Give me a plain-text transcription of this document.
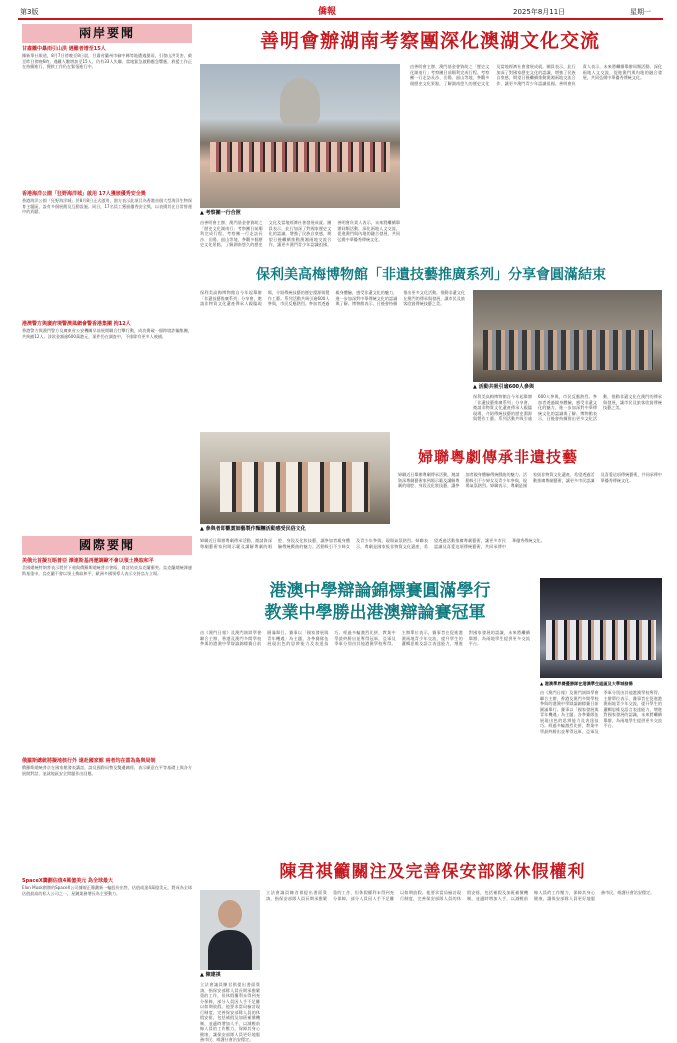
第3版	僑報	2025年8月11日	星期一
兩岸要聞
甘肅隴中暴雨引山洪 遇難者增至15人
據新華社報道，8月7日傍晚至8日晨，甘肅省蘭州市榆中縣等地遭遇暴雨，引發山洪災害，截至昨日傍晚6時，遇難人數增加至15人，仍有33人失聯。當地緊急啟動應急響應，救援工作正在持續進行，搜救工作仍在緊張進行中。
香港海洋公園「狂野海洋城」啟用 17人獲頒優秀安全獎
香港海洋公園「狂野海洋城」於8月8日正式啟用，園方表示此項目為香港首個大型海洋生物保育主題區，設有多個展館及互動設施。同日，17名員工獲頒優秀安全獎，以表揚其在日常營運中的貢獻。
港澳警方與廣府境警澳風網會警香港集團 拘12人
香港警方與澳門警方及廣東省公安機關早前展開聯合打擊行動，成功搗破一個跨境詐騙集團，共拘捕12人。涉款金額逾600萬港元，案件仍在調查中，不排除有更多人被捕。
國際要聞
美俄元首擬互晤普亞 澤連斯基再邀調歐不會以領土換取和平
美國總統特朗普表示將於下週與俄羅斯總統普京會晤，商討結束烏克蘭衝突。烏克蘭總統澤連斯基重申，烏克蘭不會以領土換取和平，歐洲多國領導人表示支持烏方立場。
俄羅斯總統將擬地核行外 遠赴國家館 兩者均在當為島與局制
俄羅斯總統普京在國家館發表講話，談及國際局勢及雙邊關係，表示願意在平等基礎上與各方展開對話，並就地區安全問題作出回應。
SpaceX籌劃估值4萬億美元 為全球最大
Elon Musk創辦的SpaceX公司據報正籌劃新一輪股份出售，估值或達4萬億美元，將成為全球估值最高的私人公司之一，星鏈業務增長為主要動力。
善明會辦湖南考察團深化澳湖文化交流
▲ 考察團一行合照
由善明會主辦、澳門基金會資助之「歷史文化湖南行」考察團日前順利完成行程。考察團一行走訪長沙、岳陽、韶山等地，參觀多個歷史文化景點，了解湖南悠久的歷史文化及當地經濟社會發展成就。團員表示，此行加深了對國家歷史文化的認識，增強了民族自豪感，期望日後繼續推動澳湘兩地交流合作，讓更多澳門青少年認識祖國。善明會負責人表示，未來將繼續舉辦同類活動，深化兩地人文交流，促進澳門與內地的融合發展，共同弘揚中華優秀傳統文化。
由善明會主辦、澳門基金會資助之「歷史文化湖南行」考察團日前順利完成行程。考察團一行走訪長沙、岳陽、韶山等地，參觀多個歷史文化景點，了解湖南悠久的歷史文化及當地經濟社會發展成就。團員表示，此行加深了對國家歷史文化的認識，增強了民族自豪感，期望日後繼續推動澳湘兩地交流合作，讓更多澳門青少年認識祖國。善明會負責人表示，未來將繼續舉辦同類活動，深化兩地人文交流，促進澳門與內地的融合發展，共同弘揚中華優秀傳統文化。
保利美高梅博物館「非遺技藝推廣系列」分享會圓滿結束
保利美高梅博物館自今年起舉辦「非遺技藝推廣系列」分享會，邀請非物質文化遺產傳承人親臨現場，介紹傳統技藝的歷史淵源與製作工藝。系列活動共吸引逾600人參與，市民反應熱烈。參加者透過親身體驗，感受非遺文化的魅力，進一步加深對中華傳統文化的認識與了解。博物館表示，日後會持續推出更多文化活動，推動非遺文化在澳門的傳承與發展，讓市民及旅客欣賞傳統技藝之美。
▲ 活動共吸引逾600人參與
保利美高梅博物館自今年起舉辦「非遺技藝推廣系列」分享會，邀請非物質文化遺產傳承人親臨現場，介紹傳統技藝的歷史淵源與製作工藝。系列活動共吸引逾600人參與，市民反應熱烈。參加者透過親身體驗，感受非遺文化的魅力，進一步加深對中華傳統文化的認識與了解。博物館表示，日後會持續推出更多文化活動，推動非遺文化在澳門的傳承與發展，讓市民及旅客欣賞傳統技藝之美。
▲ 參與者即觀賞師藝製作麵糰活動感受民俗文化
婦聯粵劇傳承非遺技藝
婦聯近日舉辦粵劇傳承活動，邀請資深粵劇藝術家到場示範及講解粵劇的唱腔、身段及化妝技藝，讓參加者親身體驗傳統戲曲的魅力。活動吸引不少婦女及青少年參與，現場氣氛熱烈。婦聯表示，粵劇是國家級非物質文化遺產，希望透過活動推廣粵劇藝術，讓更多市民認識及喜愛這項傳統藝術，共同承傳中華優秀傳統文化。
婦聯近日舉辦粵劇傳承活動，邀請資深粵劇藝術家到場示範及講解粵劇的唱腔、身段及化妝技藝，讓參加者親身體驗傳統戲曲的魅力。活動吸引不少婦女及青少年參與，現場氣氛熱烈。婦聯表示，粵劇是國家級非物質文化遺產，希望透過活動推廣粵劇藝術，讓更多市民認識及喜愛這項傳統藝術，共同承傳中華優秀傳統文化。
港澳中學辯論錦標賽圓滿學行
教業中學勝出港澳辯論賽冠軍
由《澳門日報》及澳門演辯學會聯合主辦、香港及澳門多間學校參與的港澳中學辯論錦標賽日前圓滿舉行。賽事以「國家發展與青年機遇」為主題，各參賽隊伍展現出色的思辨能力及表達技巧。經過多輪激烈比拼，教業中學最終勝出並奪得冠軍，亞軍及季軍分別由其他港澳學校奪得。主辦單位表示，賽事旨在促進港澳兩地青少年交流，提升學生的邏輯思維及語言表達能力，增進對國家發展的認識，未來將繼續舉辦，為兩地學生提供更多交流平台。
▲ 港澳學界賽優勝隊在港澳學生組區及大學城發揚
由《澳門日報》及澳門演辯學會聯合主辦、香港及澳門多間學校參與的港澳中學辯論錦標賽日前圓滿舉行。賽事以「國家發展與青年機遇」為主題，各參賽隊伍展現出色的思辨能力及表達技巧。經過多輪激烈比拼，教業中學最終勝出並奪得冠軍，亞軍及季軍分別由其他港澳學校奪得。主辦單位表示，賽事旨在促進港澳兩地青少年交流，提升學生的邏輯思維及語言表達能力，增進對國家發展的認識，未來將繼續舉辦，為兩地學生提供更多交流平台。
陳君祺籲關注及完善保安部隊休假權利
▲ 陳建祺
立法會議員陳君祺提出書面質詢，指保安部隊人員長期承擔繁重的工作，但休假權利未得到充分保障，部分人員因人手不足難以如期放假。他要求當局檢討現行制度，完善保安部隊人員的休假安排，包括補假及加班補償機制，並適時增加人手，以減輕前線人員的工作壓力，保障其身心健康，讓保安部隊人員更好地服務市民，維護社會治安穩定。
立法會議員陳君祺提出書面質詢，指保安部隊人員長期承擔繁重的工作，但休假權利未得到充分保障，部分人員因人手不足難以如期放假。他要求當局檢討現行制度，完善保安部隊人員的休假安排，包括補假及加班補償機制，並適時增加人手，以減輕前線人員的工作壓力，保障其身心健康，讓保安部隊人員更好地服務市民，維護社會治安穩定。
